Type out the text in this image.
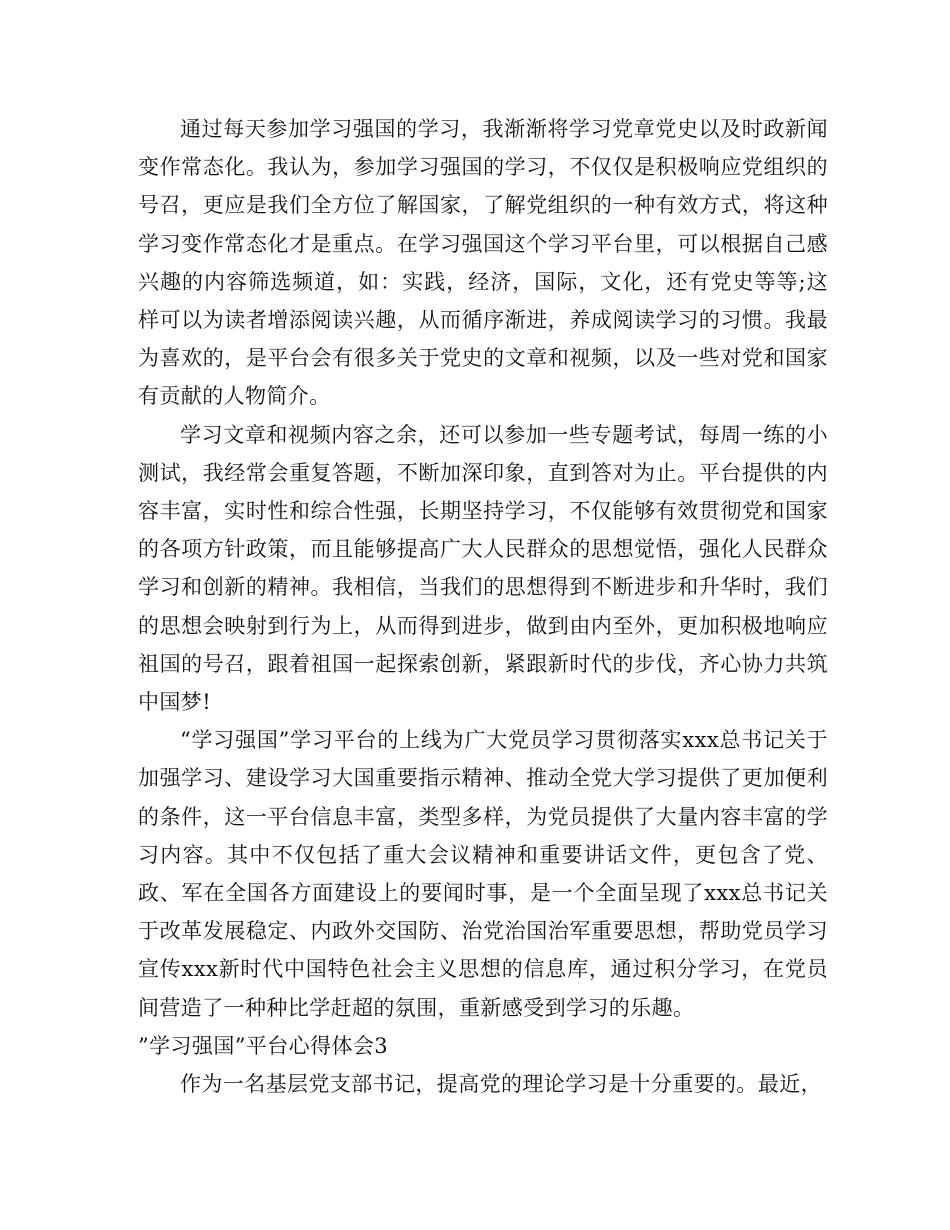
通过每天参加学习强国的学习，我渐渐将学习党章党史以及时政新闻变作常态化。我认为，参加学习强国的学习，不仅仅是积极响应党组织的号召，更应是我们全方位了解国家，了解党组织的一种有效方式，将这种学习变作常态化才是重点。在学习强国这个学习平台里，可以根据自己感兴趣的内容筛选频道，如：实践，经济，国际，文化，还有党史等等;这样可以为读者增添阅读兴趣，从而循序渐进，养成阅读学习的习惯。我最为喜欢的，是平台会有很多关于党史的文章和视频，以及一些对党和国家有贡献的人物简介。

学习文章和视频内容之余，还可以参加一些专题考试，每周一练的小测试，我经常会重复答题，不断加深印象，直到答对为止。平台提供的内容丰富，实时性和综合性强，长期坚持学习，不仅能够有效贯彻党和国家的各项方针政策，而且能够提高广大人民群众的思想觉悟，强化人民群众学习和创新的精神。我相信，当我们的思想得到不断进步和升华时，我们的思想会映射到行为上，从而得到进步，做到由内至外，更加积极地响应祖国的号召，跟着祖国一起探索创新，紧跟新时代的步伐，齐心协力共筑中国梦!

“学习强国”学习平台的上线为广大党员学习贯彻落实xxx总书记关于加强学习、建设学习大国重要指示精神、推动全党大学习提供了更加便利的条件，这一平台信息丰富，类型多样，为党员提供了大量内容丰富的学习内容。其中不仅包括了重大会议精神和重要讲话文件，更包含了党、政、军在全国各方面建设上的要闻时事，是一个全面呈现了xxx总书记关于改革发展稳定、内政外交国防、治党治国治军重要思想，帮助党员学习宣传xxx新时代中国特色社会主义思想的信息库，通过积分学习，在党员间营造了一种种比学赶超的氛围，重新感受到学习的乐趣。

”学习强国”平台心得体会3

作为一名基层党支部书记，提高党的理论学习是十分重要的。最近，
